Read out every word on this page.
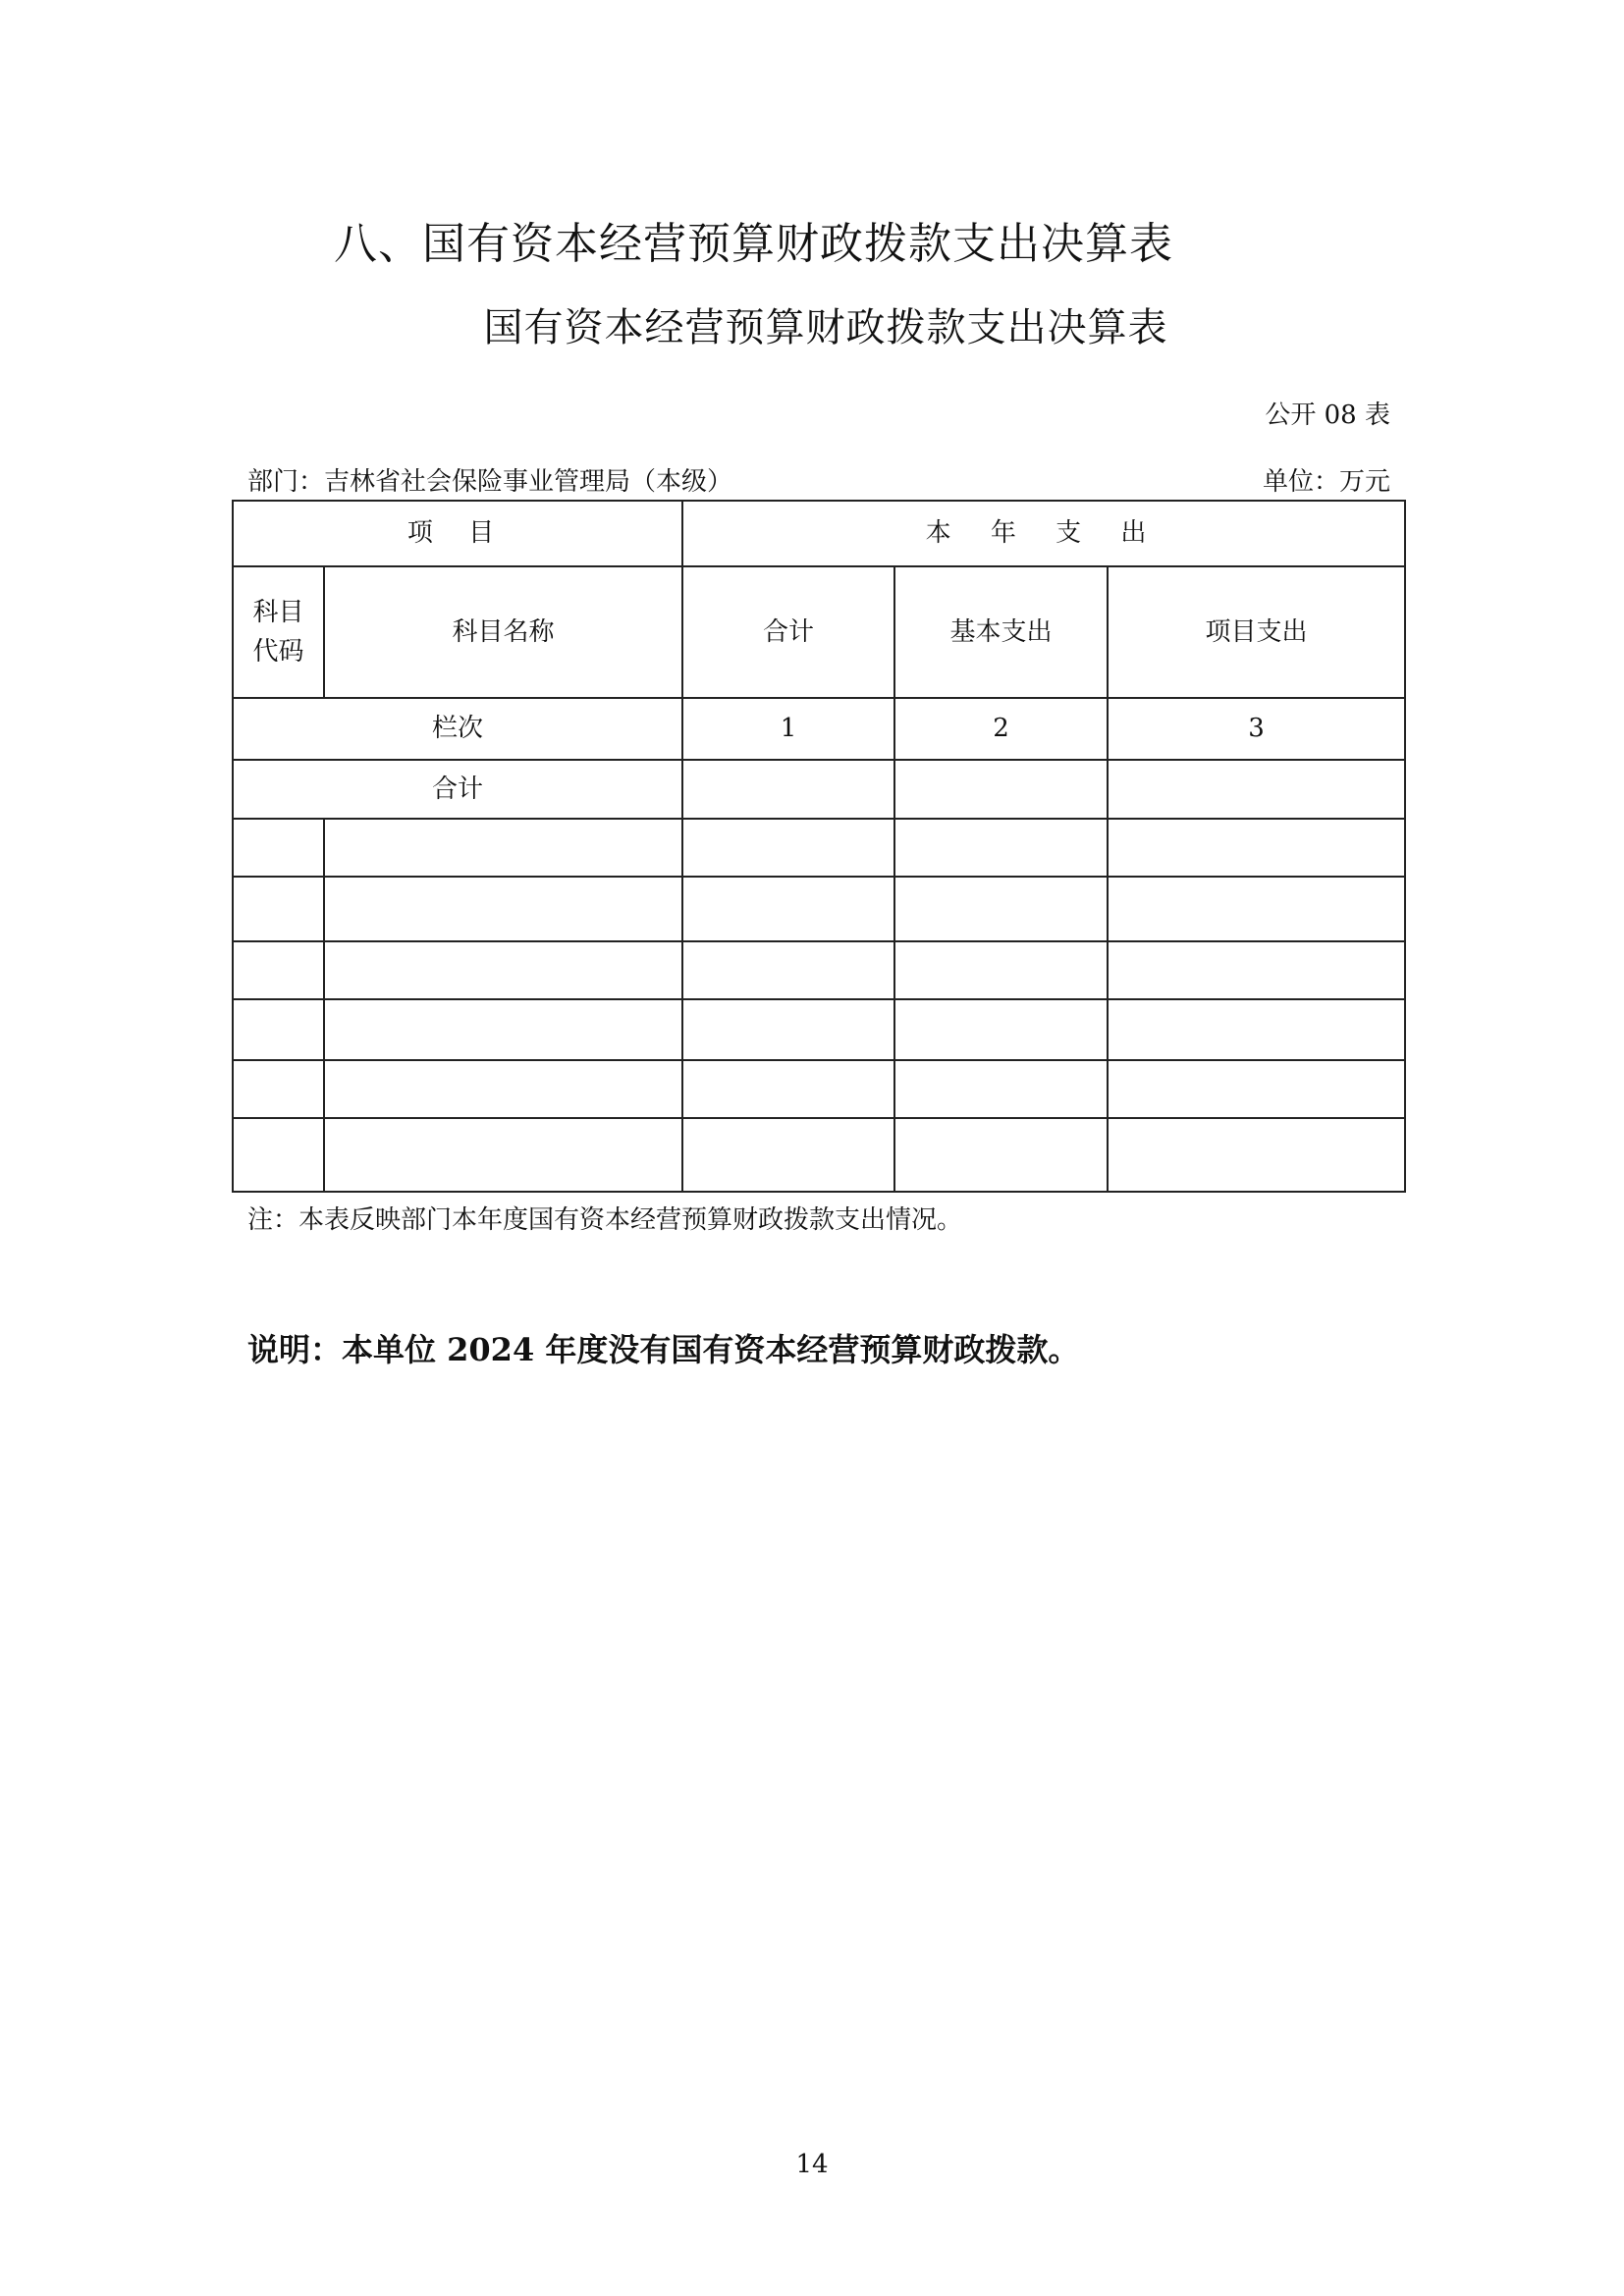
八、国有资本经营预算财政拨款支出决算表
国有资本经营预算财政拨款支出决算表
公开 08 表
部门：吉林省社会保险事业管理局（本级）	单位：万元
项 目		本 年 支 出		

科目
代码	科目名称	合计	基本支出	项目支出
栏次		1	2	3
合计				

注：本表反映部门本年度国有资本经营预算财政拨款支出情况。
说明：本单位 2024 年度没有国有资本经营预算财政拨款。
14
